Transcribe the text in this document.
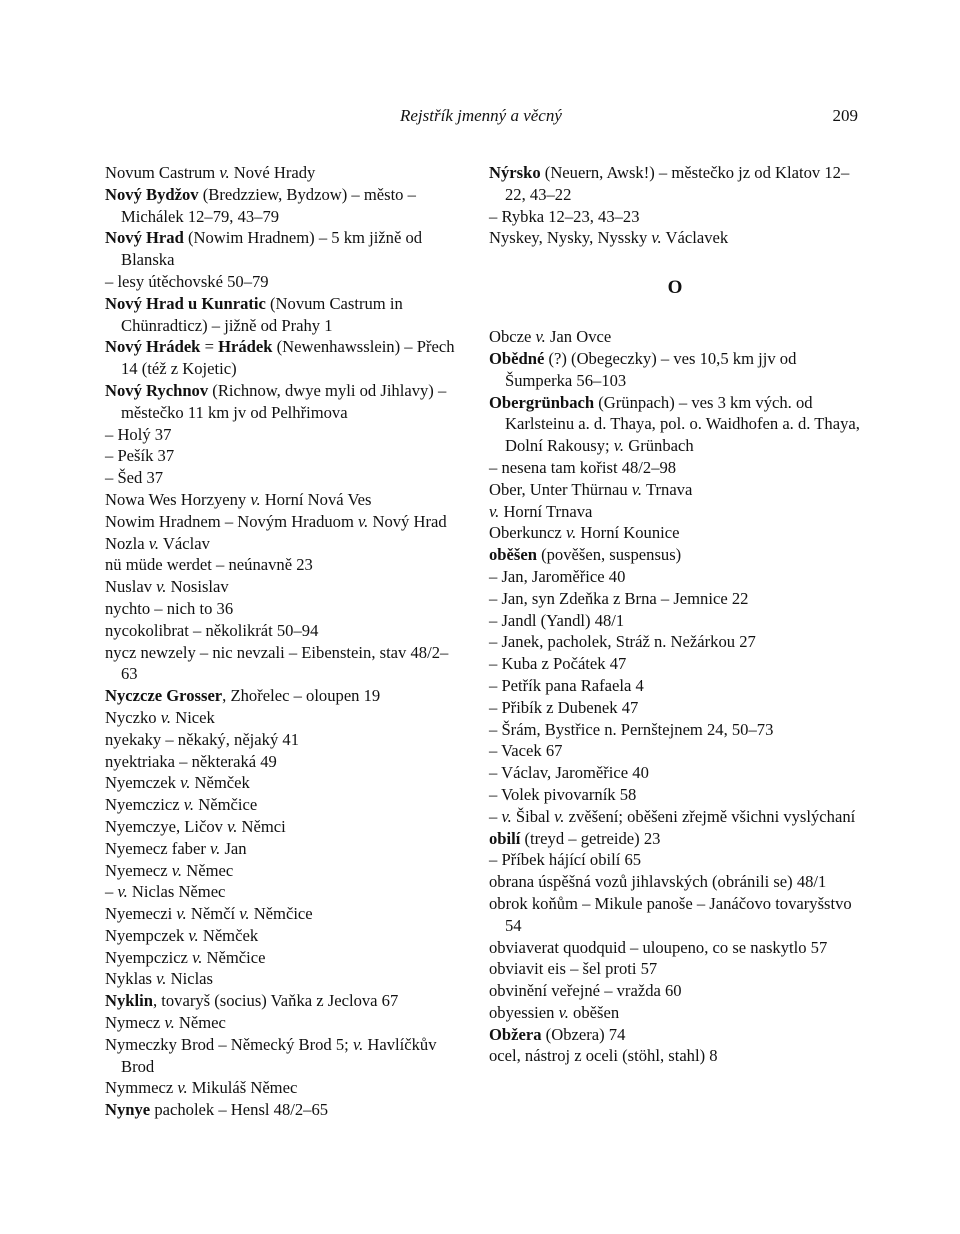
Rejstřík jmenný a věcný	209

Novum Castrum v. Nové Hrady

Nový Bydžov (Bredzziew, Bydzow) – město – Michálek 12–79, 43–79

Nový Hrad (Nowim Hradnem) – 5 km jižně od Blanska

– lesy útěchovské 50–79

Nový Hrad u Kunratic (Novum Castrum in Chünradticz) – jižně od Prahy 1

Nový Hrádek = Hrádek (Newenhawsslein) – Přech 14 (též z Kojetic)

Nový Rychnov (Richnow, dwye myli od Jihlavy) – městečko 11 km jv od Pelhřimova

– Holý 37

– Pešík 37

– Šed 37

Nowa Wes Horzyeny v. Horní Nová Ves

Nowim Hradnem – Novým Hraduom v. Nový Hrad

Nozla v. Václav

nü müde werdet – neúnavně 23

Nuslav v. Nosislav

nychto – nich to 36

nycokolibrat – několikrát 50–94

nycz newzely – nic nevzali – Eibenstein, stav 48/2–63

Nyczcze Grosser, Zhořelec – oloupen 19

Nyczko v. Nicek

nyekaky – někaký, nějaký 41

nyektriaka – některaká 49

Nyemczek v. Němček

Nyemczicz v. Němčice

Nyemczye, Ličov v. Němci

Nyemecz faber v. Jan

Nyemecz v. Němec

– v. Niclas Němec

Nyemeczi v. Němčí v. Němčice

Nyempczek v. Němček

Nyempczicz v. Němčice

Nyklas v. Niclas

Nyklin, tovaryš (socius) Vaňka z Jeclova 67

Nymecz v. Němec

Nymeczky Brod – Německý Brod 5; v. Havlíčkův Brod

Nymmecz v. Mikuláš Němec

Nynye pacholek – Hensl 48/2–65

Nýrsko (Neuern, Awsk!) – městečko jz od Klatov 12–22, 43–22

– Rybka 12–23, 43–23

Nyskey, Nysky, Nyssky v. Václavek

O

Obcze v. Jan Ovce

Obědné (?) (Obegeczky) – ves 10,5 km jjv od Šumperka 56–103

Obergrünbach (Grünpach) – ves 3 km vých. od Karlsteinu a. d. Thaya, pol. o. Waidhofen a. d. Thaya, Dolní Rakousy; v. Grünbach

– nesena tam kořist 48/2–98

Ober, Unter Thürnau v. Trnava

v. Horní Trnava

Oberkuncz v. Horní Kounice

oběšen (pověšen, suspensus)

– Jan, Jaroměřice 40

– Jan, syn Zdeňka z Brna – Jemnice 22

– Jandl (Yandl) 48/1

– Janek, pacholek, Stráž n. Nežárkou 27

– Kuba z Počátek 47

– Petřík pana Rafaela 4

– Přibík z Dubenek 47

– Šrám, Bystřice n. Pernštejnem 24, 50–73

– Vacek 67

– Václav, Jaroměřice 40

– Volek pivovarník 58

– v. Šibal v. zvěšení; oběšeni zřejmě všichni vyslýchaní

obilí (treyd – getreide) 23

– Příbek hájící obilí 65

obrana úspěšná vozů jihlavských (obránili se) 48/1

obrok koňům – Mikule panoše – Janáčovo tovaryšstvo 54

obviaverat quodquid – uloupeno, co se naskytlo 57

obviavit eis – šel proti 57

obvinění veřejné – vražda 60

obyessien v. oběšen

Obžera (Obzera) 74

ocel, nástroj z oceli (stöhl, stahl) 8
